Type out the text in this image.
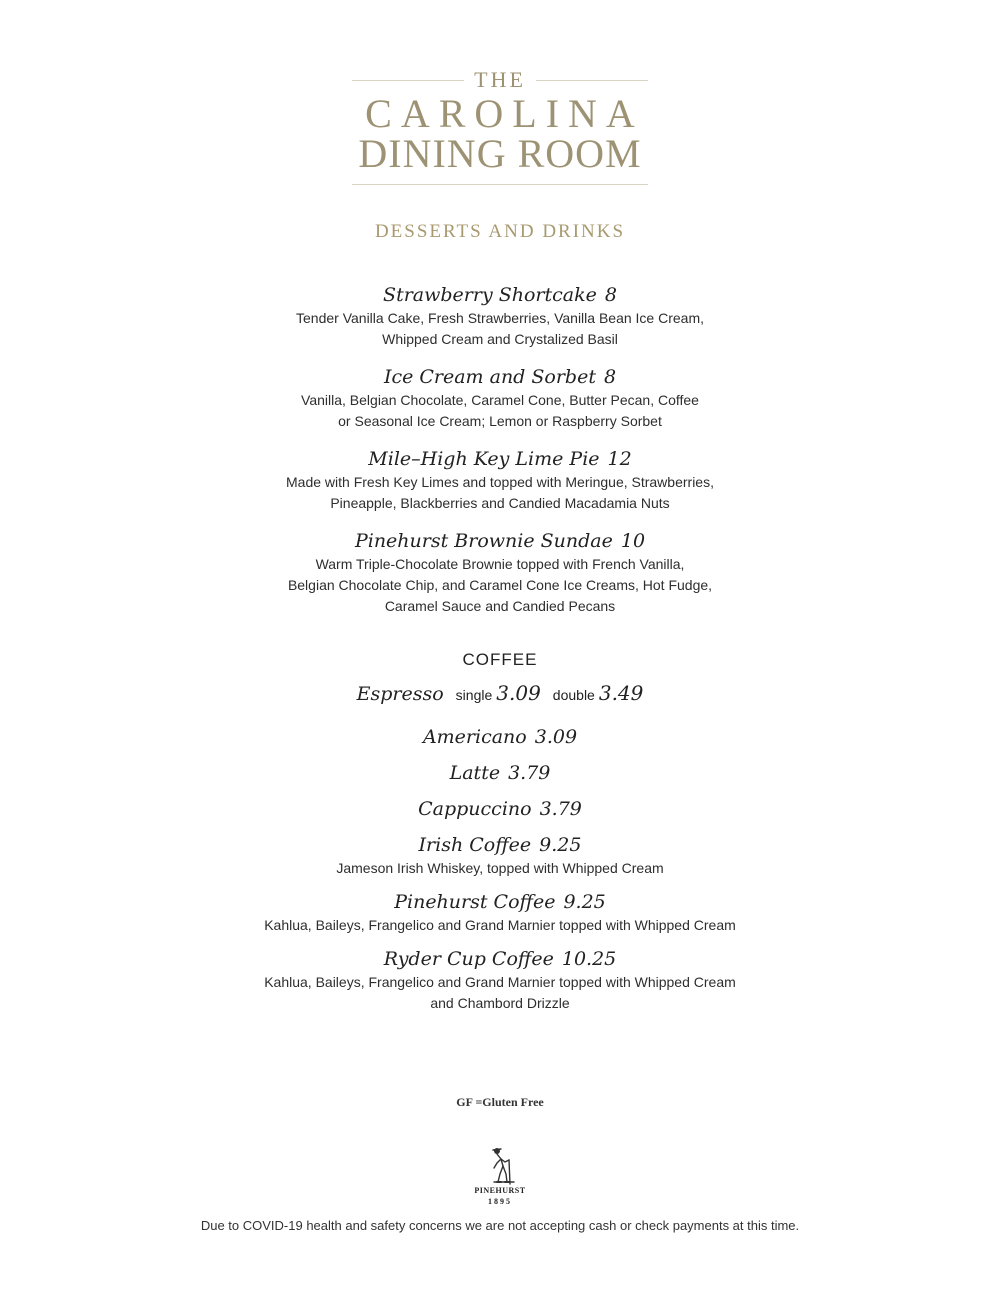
THE
CAROLINA
DINING ROOM
DESSERTS AND DRINKS
Strawberry Shortcake 8
Tender Vanilla Cake, Fresh Strawberries, Vanilla Bean Ice Cream,
Whipped Cream and Crystalized Basil
Ice Cream and Sorbet 8
Vanilla, Belgian Chocolate, Caramel Cone, Butter Pecan, Coffee
or Seasonal Ice Cream; Lemon or Raspberry Sorbet
Mile–High Key Lime Pie 12
Made with Fresh Key Limes and topped with Meringue, Strawberries,
Pineapple, Blackberries and Candied Macadamia Nuts
Pinehurst Brownie Sundae 10
Warm Triple-Chocolate Brownie topped with French Vanilla,
Belgian Chocolate Chip, and Caramel Cone Ice Creams, Hot Fudge,
Caramel Sauce and Candied Pecans
COFFEE
Espresso single 3.09 double 3.49
Americano 3.09
Latte 3.79
Cappuccino 3.79
Irish Coffee 9.25
Jameson Irish Whiskey, topped with Whipped Cream
Pinehurst Coffee 9.25
Kahlua, Baileys, Frangelico and Grand Marnier topped with Whipped Cream
Ryder Cup Coffee 10.25
Kahlua, Baileys, Frangelico and Grand Marnier topped with Whipped Cream
and Chambord Drizzle
GF =Gluten Free
PINEHURST
1895
Due to COVID-19 health and safety concerns we are not accepting cash or check payments at this time.
